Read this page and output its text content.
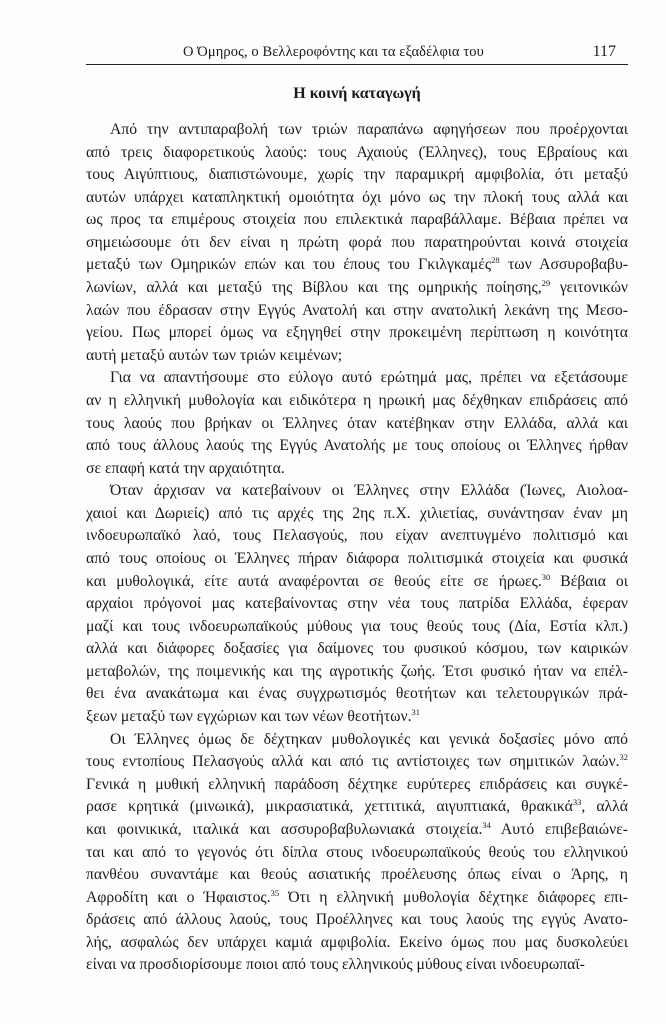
Ο Όμηρος, ο Βελλεροφόντης και τα εξαδέλφια του	117
Η κοινή καταγωγή
Από την αντιπαραβολή των τριών παραπάνω αφηγήσεων που προέρχονται
από τρεις διαφορετικούς λαούς: τους Αχαιούς (Έλληνες), τους Εβραίους και
τους Αιγύπτιους, διαπιστώνουμε, χωρίς την παραμικρή αμφιβολία, ότι μεταξύ
αυτών υπάρχει καταπληκτική ομοιότητα όχι μόνο ως την πλοκή τους αλλά και
ως προς τα επιμέρους στοιχεία που επιλεκτικά παραβάλλαμε. Βέβαια πρέπει να
σημειώσουμε ότι δεν είναι η πρώτη φορά που παρατηρούνται κοινά στοιχεία
μεταξύ των Ομηρικών επών και του έπους του Γκιλγκαμές$^{28}$ των Ασσυροβαβυ-
λωνίων, αλλά και μεταξύ της Βίβλου και της ομηρικής ποίησης,$^{29}$ γειτονικών
λαών που έδρασαν στην Εγγύς Ανατολή και στην ανατολική λεκάνη της Μεσο-
γείου. Πως μπορεί όμως να εξηγηθεί στην προκειμένη περίπτωση η κοινότητα
αυτή μεταξύ αυτών των τριών κειμένων;
Για να απαντήσουμε στο εύλογο αυτό ερώτημά μας, πρέπει να εξετάσουμε
αν η ελληνική μυθολογία και ειδικότερα η ηρωική μας δέχθηκαν επιδράσεις από
τους λαούς που βρήκαν οι Έλληνες όταν κατέβηκαν στην Ελλάδα, αλλά και
από τους άλλους λαούς της Εγγύς Ανατολής με τους οποίους οι Έλληνες ήρθαν
σε επαφή κατά την αρχαιότητα.
Όταν άρχισαν να κατεβαίνουν οι Έλληνες στην Ελλάδα (Ίωνες, Αιολοα-
χαιοί και Δωριείς) από τις αρχές της 2ης π.Χ. χιλιετίας, συνάντησαν έναν μη
ινδοευρωπαϊκό λαό, τους Πελασγούς, που είχαν ανεπτυγμένο πολιτισμό και
από τους οποίους οι Έλληνες πήραν διάφορα πολιτισμικά στοιχεία και φυσικά
και μυθολογικά, είτε αυτά αναφέρονται σε θεούς είτε σε ήρωες.$^{30}$ Βέβαια οι
αρχαίοι πρόγονοί μας κατεβαίνοντας στην νέα τους πατρίδα Ελλάδα, έφεραν
μαζί και τους ινδοευρωπαϊκούς μύθους για τους θεούς τους (Δία, Εστία κλπ.)
αλλά και διάφορες δοξασίες για δαίμονες του φυσικού κόσμου, των καιρικών
μεταβολών, της ποιμενικής και της αγροτικής ζωής. Έτσι φυσικό ήταν να επέλ-
θει ένα ανακάτωμα και ένας συγχρωτισμός θεοτήτων και τελετουργικών πρά-
ξεων μεταξύ των εγχώριων και των νέων θεοτήτων.$^{31}$
Οι Έλληνες όμως δε δέχτηκαν μυθολογικές και γενικά δοξασίες μόνο από
τους εντοπίους Πελασγούς αλλά και από τις αντίστοιχες των σημιτικών λαών.$^{32}$
Γενικά η μυθική ελληνική παράδοση δέχτηκε ευρύτερες επιδράσεις και συγκέ-
ρασε κρητικά (μινωικά), μικρασιατικά, χεττιτικά, αιγυπτιακά, θρακικά$^{33}$, αλλά
και φοινικικά, ιταλικά και ασσυροβαβυλωνιακά στοιχεία.$^{34}$ Αυτό επιβεβαιώνε-
ται και από το γεγονός ότι δίπλα στους ινδοευρωπαϊκούς θεούς του ελληνικού
πανθέου συναντάμε και θεούς ασιατικής προέλευσης όπως είναι ο Άρης, η
Αφροδίτη και ο Ήφαιστος.$^{35}$ Ότι η ελληνική μυθολογία δέχτηκε διάφορες επι-
δράσεις από άλλους λαούς, τους Προέλληνες και τους λαούς της εγγύς Ανατο-
λής, ασφαλώς δεν υπάρχει καμιά αμφιβολία. Εκείνο όμως που μας δυσκολεύει
είναι να προσδιορίσουμε ποιοι από τους ελληνικούς μύθους είναι ινδοευρωπαϊ-
